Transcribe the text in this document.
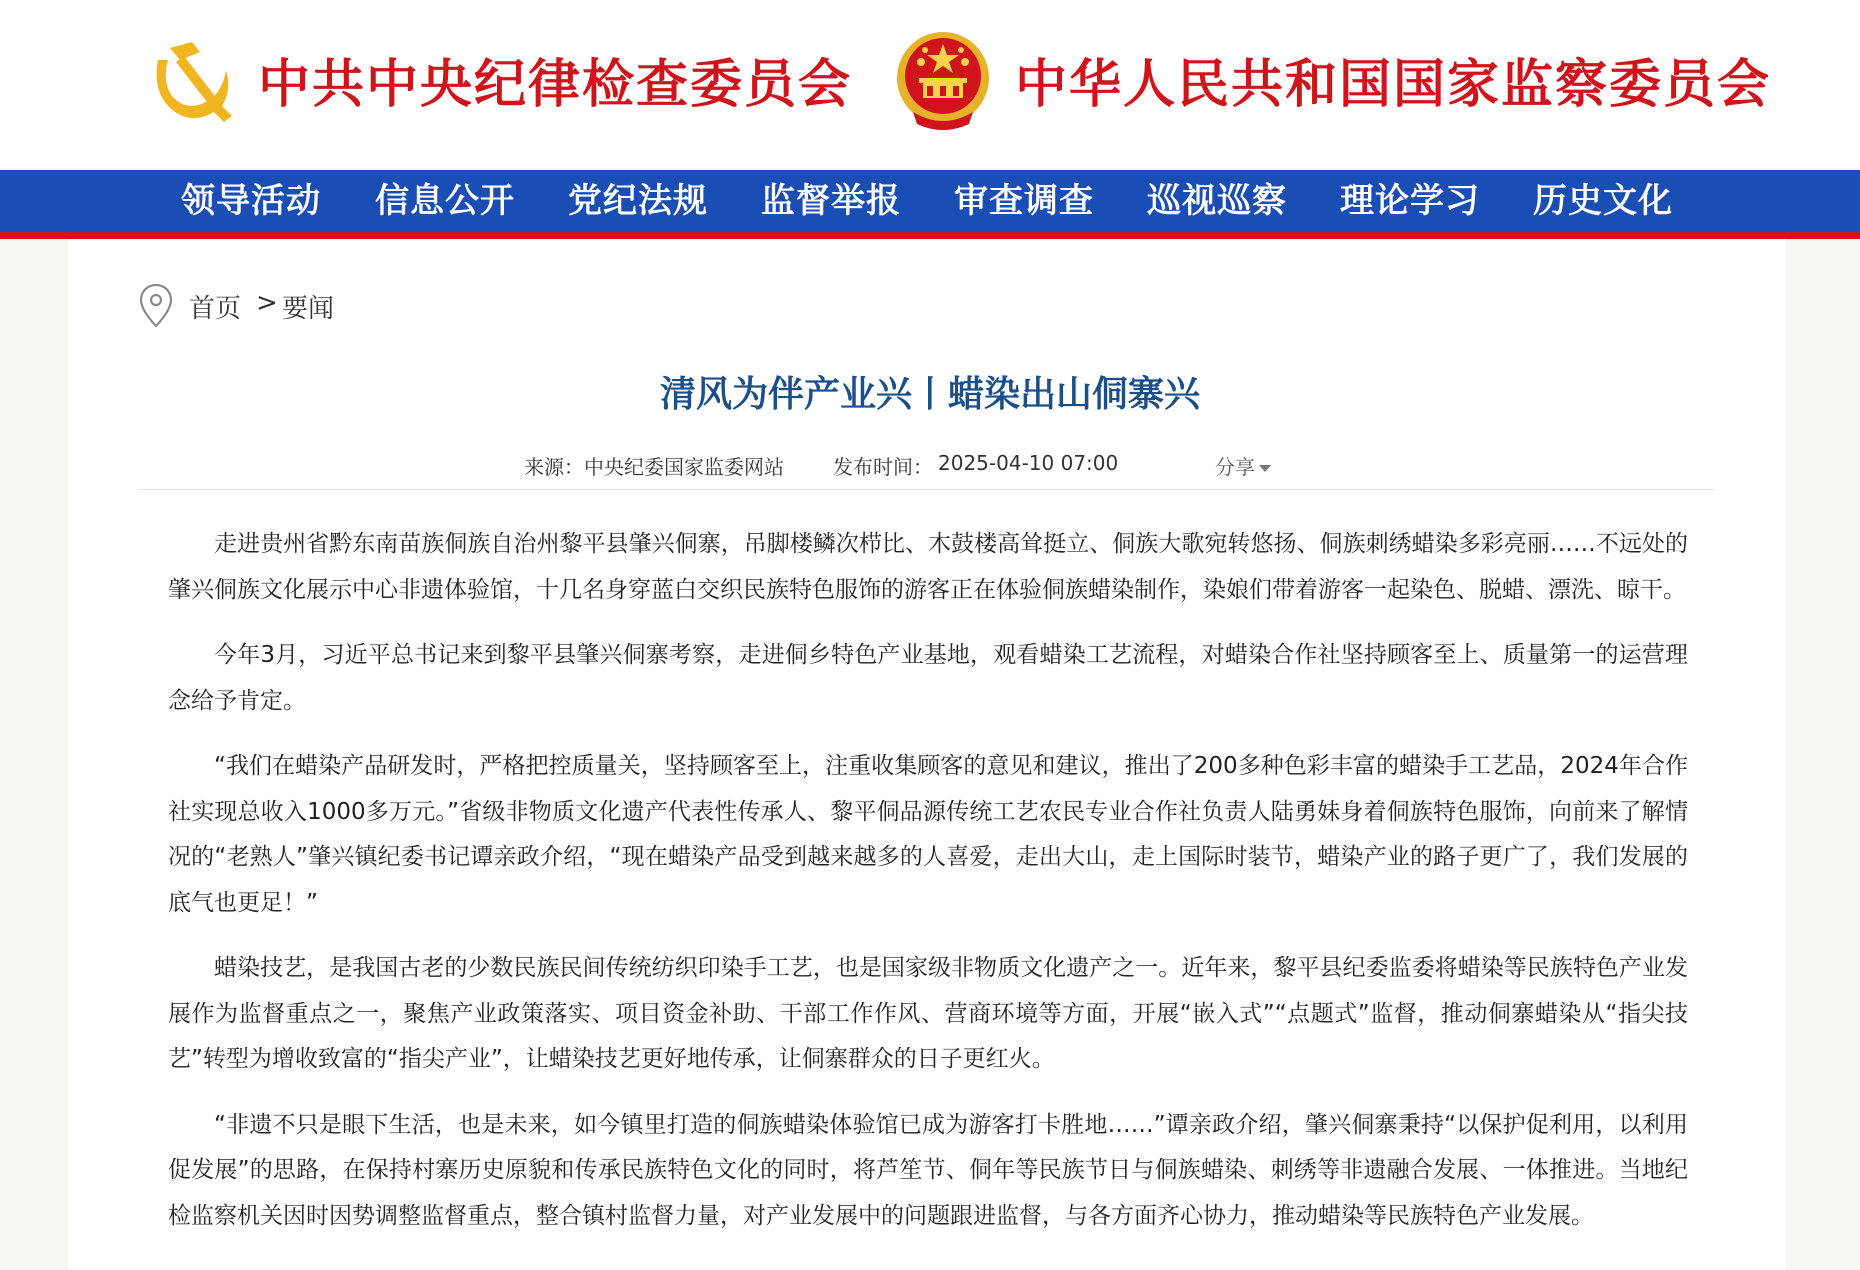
中共中央纪律检查委员会	中华人民共和国国家监察委员会
领导活动 信息公开 党纪法规 监督举报 审查调查 巡视巡察 理论学习 历史文化
首页 > 要闻
清风为伴产业兴丨蜡染出山侗寨兴
来源： 中央纪委国家监委网站 发布时间： 2025-04-10 07:00	分享

走进贵州省黔东南苗族侗族自治州黎平县肇兴侗寨，吊脚楼鳞次栉比、木鼓楼高耸挺立、侗族大歌宛转悠扬、侗族刺绣蜡染多彩亮丽……不远处的肇兴侗族文化展示中心非遗体验馆，十几名身穿蓝白交织民族特色服饰的游客正在体验侗族蜡染制作，染娘们带着游客一起染色、脱蜡、漂洗、晾干。

今年3月，习近平总书记来到黎平县肇兴侗寨考察，走进侗乡特色产业基地，观看蜡染工艺流程，对蜡染合作社坚持顾客至上、质量第一的运营理念给予肯定。

“我们在蜡染产品研发时，严格把控质量关，坚持顾客至上，注重收集顾客的意见和建议，推出了200多种色彩丰富的蜡染手工艺品，2024年合作社实现总收入1000多万元。”省级非物质文化遗产代表性传承人、黎平侗品源传统工艺农民专业合作社负责人陆勇妹身着侗族特色服饰，向前来了解情况的“老熟人”肇兴镇纪委书记谭亲政介绍，“现在蜡染产品受到越来越多的人喜爱，走出大山，走上国际时装节，蜡染产业的路子更广了，我们发展的底气也更足！”

蜡染技艺，是我国古老的少数民族民间传统纺织印染手工艺，也是国家级非物质文化遗产之一。近年来，黎平县纪委监委将蜡染等民族特色产业发展作为监督重点之一，聚焦产业政策落实、项目资金补助、干部工作作风、营商环境等方面，开展“嵌入式”“点题式”监督，推动侗寨蜡染从“指尖技艺”转型为增收致富的“指尖产业”，让蜡染技艺更好地传承，让侗寨群众的日子更红火。

“非遗不只是眼下生活，也是未来，如今镇里打造的侗族蜡染体验馆已成为游客打卡胜地……”谭亲政介绍，肇兴侗寨秉持“以保护促利用，以利用促发展”的思路，在保持村寨历史原貌和传承民族特色文化的同时，将芦笙节、侗年等民族节日与侗族蜡染、刺绣等非遗融合发展、一体推进。当地纪检监察机关因时因势调整监督重点，整合镇村监督力量，对产业发展中的问题跟进监督，与各方面齐心协力，推动蜡染等民族特色产业发展。
